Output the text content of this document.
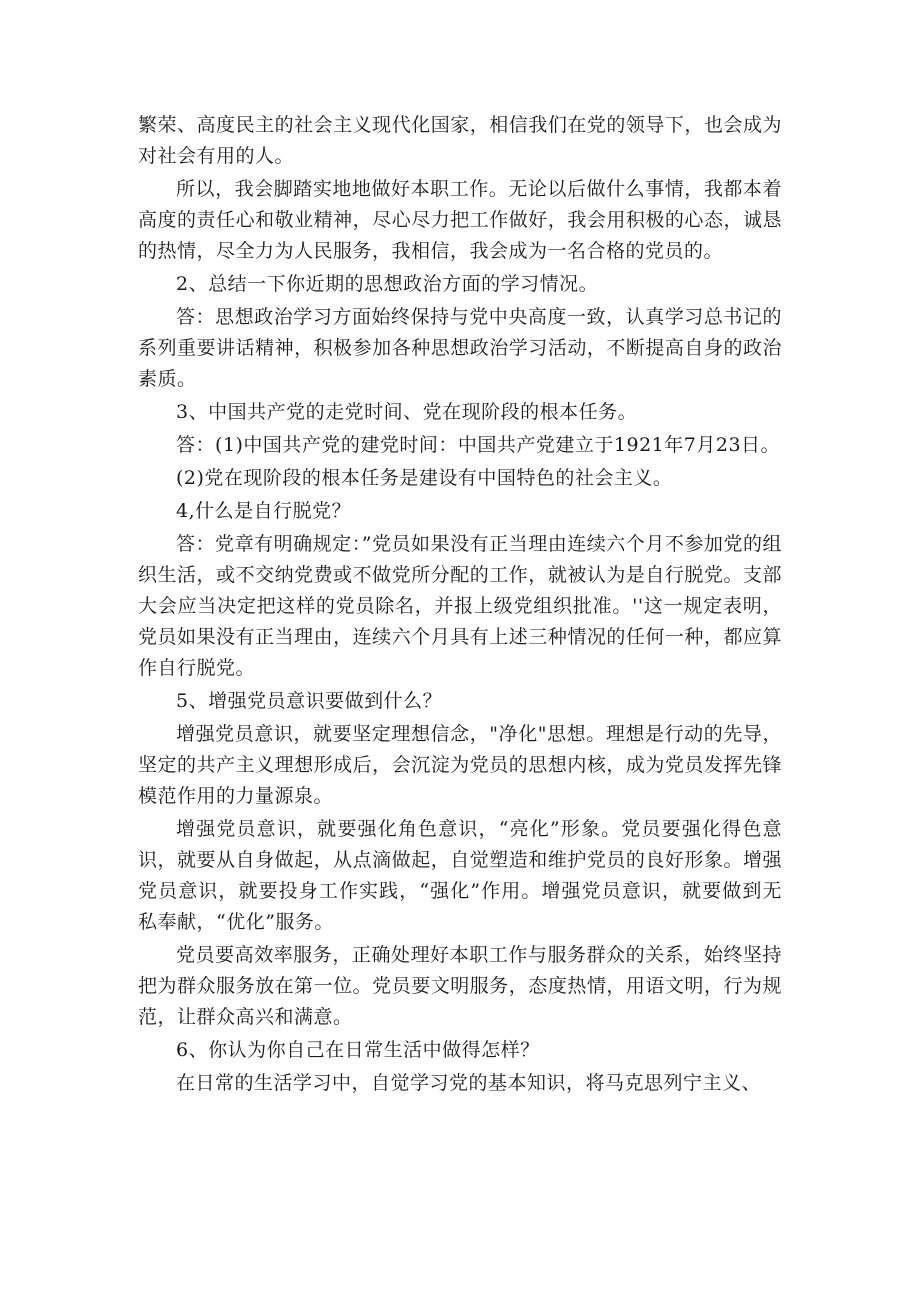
繁荣、高度民主的社会主义现代化国家，相信我们在党的领导下，也会成为对社会有用的人。

所以，我会脚踏实地地做好本职工作。无论以后做什么事情，我都本着高度的责任心和敬业精神，尽心尽力把工作做好，我会用积极的心态，诚恳的热情，尽全力为人民服务，我相信，我会成为一名合格的党员的。

2、总结一下你近期的思想政治方面的学习情况。

答：思想政治学习方面始终保持与党中央高度一致，认真学习总书记的系列重要讲话精神，积极参加各种思想政治学习活动，不断提高自身的政治素质。

3、中国共产党的走党时间、党在现阶段的根本任务。

答：(1)中国共产党的建党时间：中国共产党建立于1921年7月23日。

(2)党在现阶段的根本任务是建设有中国特色的社会主义。

4,什么是自行脱党？

答：党章有明确规定：”党员如果没有正当理由连续六个月不参加党的组织生活，或不交纳党费或不做党所分配的工作，就被认为是自行脱党。支部大会应当决定把这样的党员除名，并报上级党组织批准。''这一规定表明，党员如果没有正当理由，连续六个月具有上述三种情况的任何一种，都应算作自行脱党。

5、增强党员意识要做到什么？

增强党员意识，就要坚定理想信念，"净化"思想。理想是行动的先导，坚定的共产主义理想形成后，会沉淀为党员的思想内核，成为党员发挥先锋模范作用的力量源泉。

增强党员意识，就要强化角色意识，“亮化”形象。党员要强化得色意识，就要从自身做起，从点滴做起，自觉塑造和维护党员的良好形象。增强党员意识，就要投身工作实践，“强化”作用。增强党员意识，就要做到无私奉献，“优化”服务。

党员要高效率服务，正确处理好本职工作与服务群众的关系，始终坚持把为群众服务放在第一位。党员要文明服务，态度热情，用语文明，行为规范，让群众高兴和满意。

6、你认为你自己在日常生活中做得怎样？

在日常的生活学习中，自觉学习党的基本知识，将马克思列宁主义、
